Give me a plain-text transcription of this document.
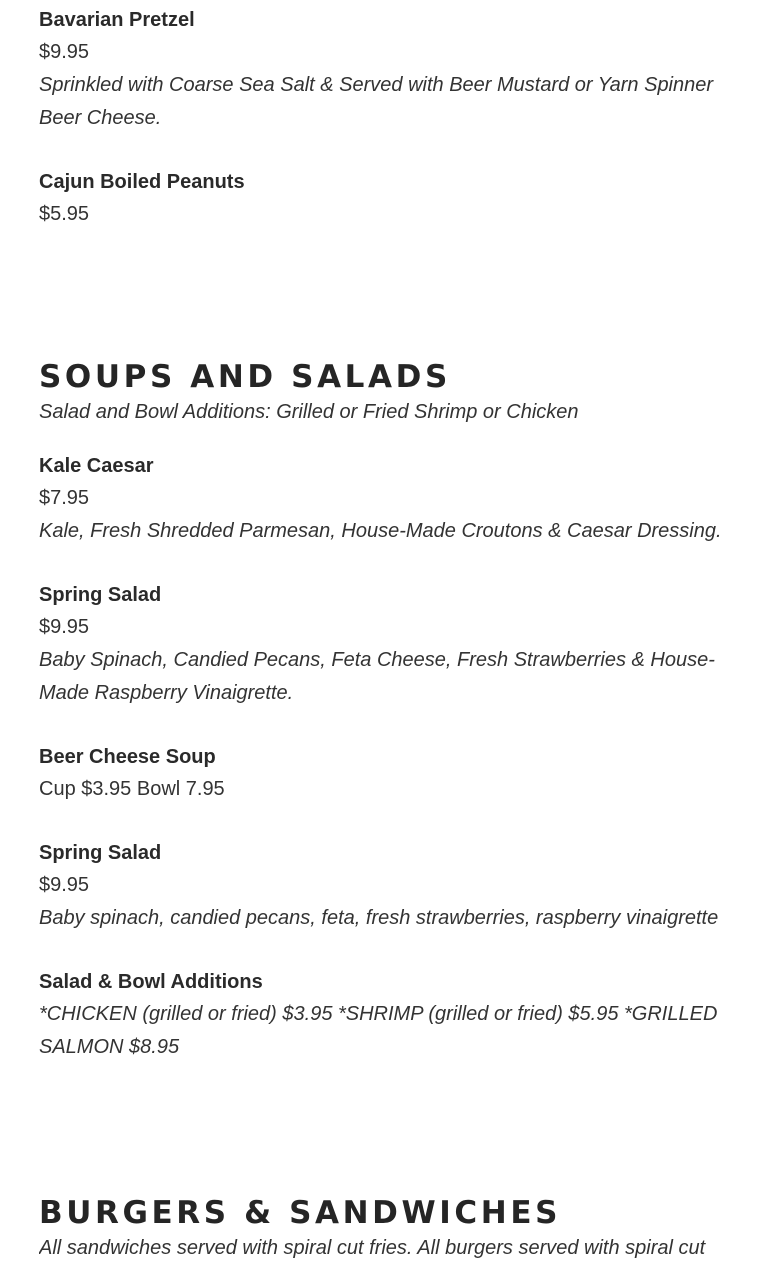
Bavarian Pretzel

$9.95

Sprinkled with Coarse Sea Salt & Served with Beer Mustard or Yarn Spinner Beer Cheese.

Cajun Boiled Peanuts

$5.95

SOUPS AND SALADS

Salad and Bowl Additions: Grilled or Fried Shrimp or Chicken

Kale Caesar

$7.95

Kale, Fresh Shredded Parmesan, House-Made Croutons & Caesar Dressing.

Spring Salad

$9.95

Baby Spinach, Candied Pecans, Feta Cheese, Fresh Strawberries & House-Made Raspberry Vinaigrette.

Beer Cheese Soup

Cup $3.95 Bowl 7.95

Spring Salad

$9.95

Baby spinach, candied pecans, feta, fresh strawberries, raspberry vinaigrette

Salad & Bowl Additions

*CHICKEN (grilled or fried) $3.95 *SHRIMP (grilled or fried) $5.95 *GRILLED SALMON $8.95

BURGERS & SANDWICHES

All sandwiches served with spiral cut fries. All burgers served with spiral cut
